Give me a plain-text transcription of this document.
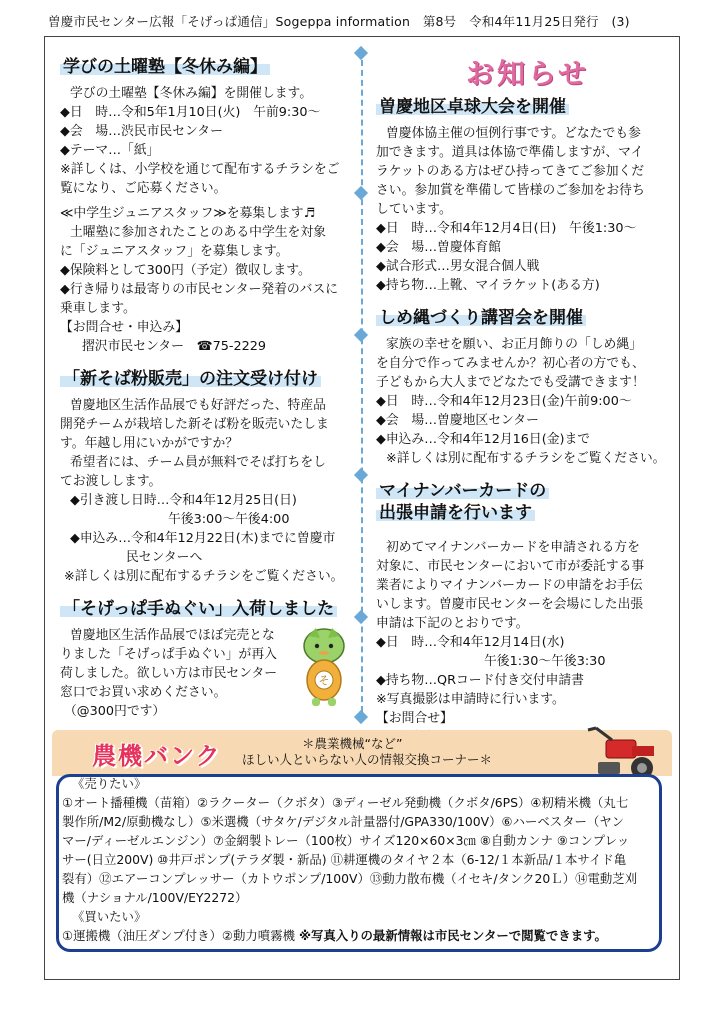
曽慶市民センター広報「そげっぱ通信」Sogeppa information　第8号　令和4年11月25日発行　(3)
学びの土曜塾【冬休み編】

学びの土曜塾【冬休み編】を開催します。

◆日　時…令和5年1月10日(火)　午前9:30～

◆会　場…渋民市民センター

◆テーマ…「紙」

※詳しくは、小学校を通じて配布するチラシをご

覧になり、ご応募ください。

≪中学生ジュニアスタッフ≫を募集します♬

土曜塾に参加されたことのある中学生を対象

に「ジュニアスタッフ」を募集します。

◆保険料として300円（予定）徴収します。

◆行き帰りは最寄りの市民センター発着のバスに

乗車します。

【お問合せ・申込み】

摺沢市民センター　☎75-2229

「新そば粉販売」の注文受け付け

曽慶地区生活作品展でも好評だった、特産品

開発チームが栽培した新そば粉を販売いたしま

す。年越し用にいかがですか？

希望者には、チーム員が無料でそば打ちをし

てお渡しします。

◆引き渡し日時…令和4年12月25日(日)

午後3:00～午後4:00

◆申込み…令和4年12月22日(木)までに曽慶市

民センターへ

※詳しくは別に配布するチラシをご覧ください。

「そげっぱ手ぬぐい」入荷しました

曽慶地区生活作品展でほぼ完売とな

りました「そげっぱ手ぬぐい」が再入

荷しました。欲しい方は市民センター

窓口でお買い求めください。

（@300円です）

そ
お知らせ
曽慶地区卓球大会を開催

曽慶体協主催の恒例行事です。どなたでも参

加できます。道具は体協で準備しますが、マイ

ラケットのある方はぜひ持ってきてご参加くだ

さい。参加賞を準備して皆様のご参加をお待ち

しています。

◆日　時…令和4年12月4日(日)　午後1:30～

◆会　場…曽慶体育館

◆試合形式…男女混合個人戦

◆持ち物…上靴、マイラケット(ある方)

しめ縄づくり講習会を開催

家族の幸せを願い、お正月飾りの「しめ縄」

を自分で作ってみませんか？初心者の方でも、

子どもから大人までどなたでも受講できます！

◆日　時…令和4年12月23日(金)午前9:00～

◆会　場…曽慶地区センター

◆申込み…令和4年12月16日(金)まで

※詳しくは別に配布するチラシをご覧ください。

マイナンバーカードの 出張申請を行います

初めてマイナンバーカードを申請される方を

対象に、市民センターにおいて市が委託する事

業者によりマイナンバーカードの申請をお手伝

いします。曽慶市民センターを会場にした出張

申請は下記のとおりです。

◆日　時…令和4年12月14日(水)

午後1:30～午後3:30

◆持ち物…QRコード付き交付申請書

※写真撮影は申請時に行います。

【お問合せ】

農機バンク	＊農業機械“など”
ほしい人といらない人の情報交換コーナー＊

《売りたい》

①オート播種機（苗箱）②ラクーター（クボタ）③ディーゼル発動機（クボタ/6PS）④籾精米機（丸七

製作所/M2/原動機なし）⑤米選機（サタケ/デジタル計量器付/GPA330/100V）⑥ハーベスター（ヤン

マー/ディーゼルエンジン）⑦金網製トレー（100枚）サイズ120×60×3㎝ ⑧自動カンナ ⑨コンプレッ

サー(日立200V) ⑩井戸ポンプ(テラダ製・新品) ⑪耕運機のタイヤ２本（6-12/１本新品/１本サイド亀

裂有）⑫エアーコンプレッサー（カトウポンプ/100V）⑬動力散布機（イセキ/タンク20Ｌ）⑭電動芝刈

機（ナショナル/100V/EY2272）

《買いたい》

①運搬機（油圧ダンプ付き）②動力噴霧機 ※写真入りの最新情報は市民センターで閲覧できます。
